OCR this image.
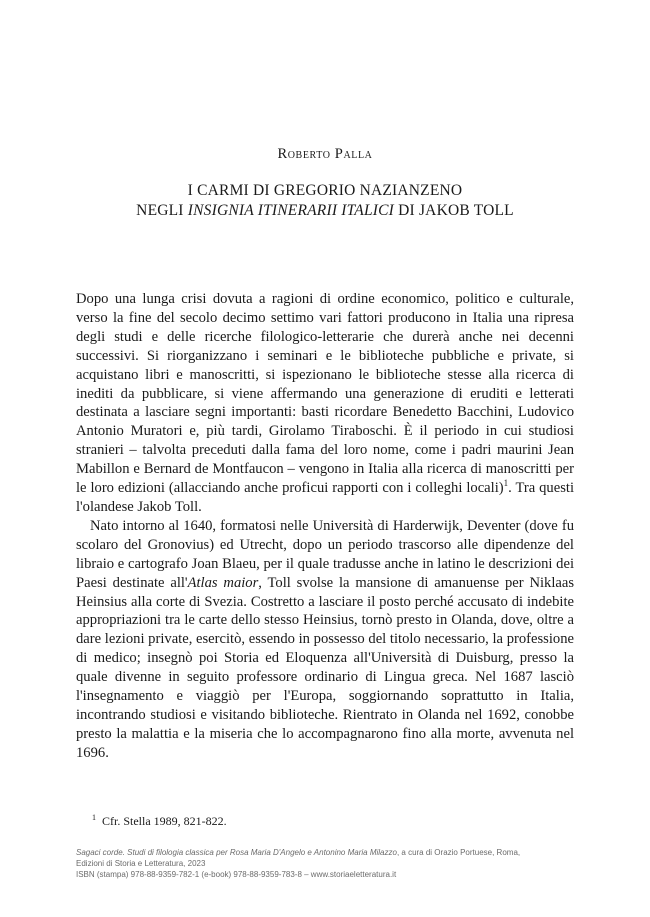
Roberto Palla
I CARMI DI GREGORIO NAZIANZENO
NEGLI INSIGNIA ITINERARII ITALICI DI JAKOB TOLL

Dopo una lunga crisi dovuta a ragioni di ordine economico, politico e culturale, verso la fine del secolo decimo settimo vari fattori producono in Italia una ripresa degli studi e delle ricerche filologico-letterarie che durerà anche nei decenni successivi. Si riorganizzano i seminari e le biblioteche pubbliche e private, si acquistano libri e manoscritti, si ispezionano le biblioteche stesse alla ricerca di inediti da pubblicare, si viene affermando una generazione di eruditi e letterati destinata a lasciare segni importanti: basti ricordare Benedetto Bacchini, Ludovico Antonio Muratori e, più tardi, Girolamo Tiraboschi. È il periodo in cui studiosi stranieri – talvolta preceduti dalla fama del loro nome, come i padri maurini Jean Mabillon e Bernard de Montfaucon – vengono in Italia alla ricerca di manoscritti per le loro edizioni (allacciando anche proficui rapporti con i colleghi locali)$^1$. Tra questi l'olandese Jakob Toll.

Nato intorno al 1640, formatosi nelle Università di Harderwijk, Deventer (dove fu scolaro del Gronovius) ed Utrecht, dopo un periodo trascorso alle dipendenze del libraio e cartografo Joan Blaeu, per il quale tradusse anche in latino le descrizioni dei Paesi destinate all'Atlas maior, Toll svolse la mansione di amanuense per Niklaas Heinsius alla corte di Svezia. Costretto a lasciare il posto perché accusato di indebite appropriazioni tra le carte dello stesso Heinsius, tornò presto in Olanda, dove, oltre a dare lezioni private, esercitò, essendo in possesso del titolo necessario, la professione di medico; insegnò poi Storia ed Eloquenza all'Università di Duisburg, presso la quale divenne in seguito professore ordinario di Lingua greca. Nel 1687 lasciò l'insegnamento e viaggiò per l'Europa, soggiornando soprattutto in Italia, incontrando studiosi e visitando biblioteche. Rientrato in Olanda nel 1692, conobbe presto la malattia e la miseria che lo accompagnarono fino alla morte, avvenuta nel 1696.

$^1$ Cfr. Stella 1989, 821-822.
Sagaci corde. Studi di filologia classica per Rosa Maria D'Angelo e Antonino Maria Milazzo, a cura di Orazio Portuese, Roma,
Edizioni di Storia e Letteratura, 2023
ISBN (stampa) 978-88-9359-782-1 (e-book) 978-88-9359-783-8 – www.storiaeletteratura.it
